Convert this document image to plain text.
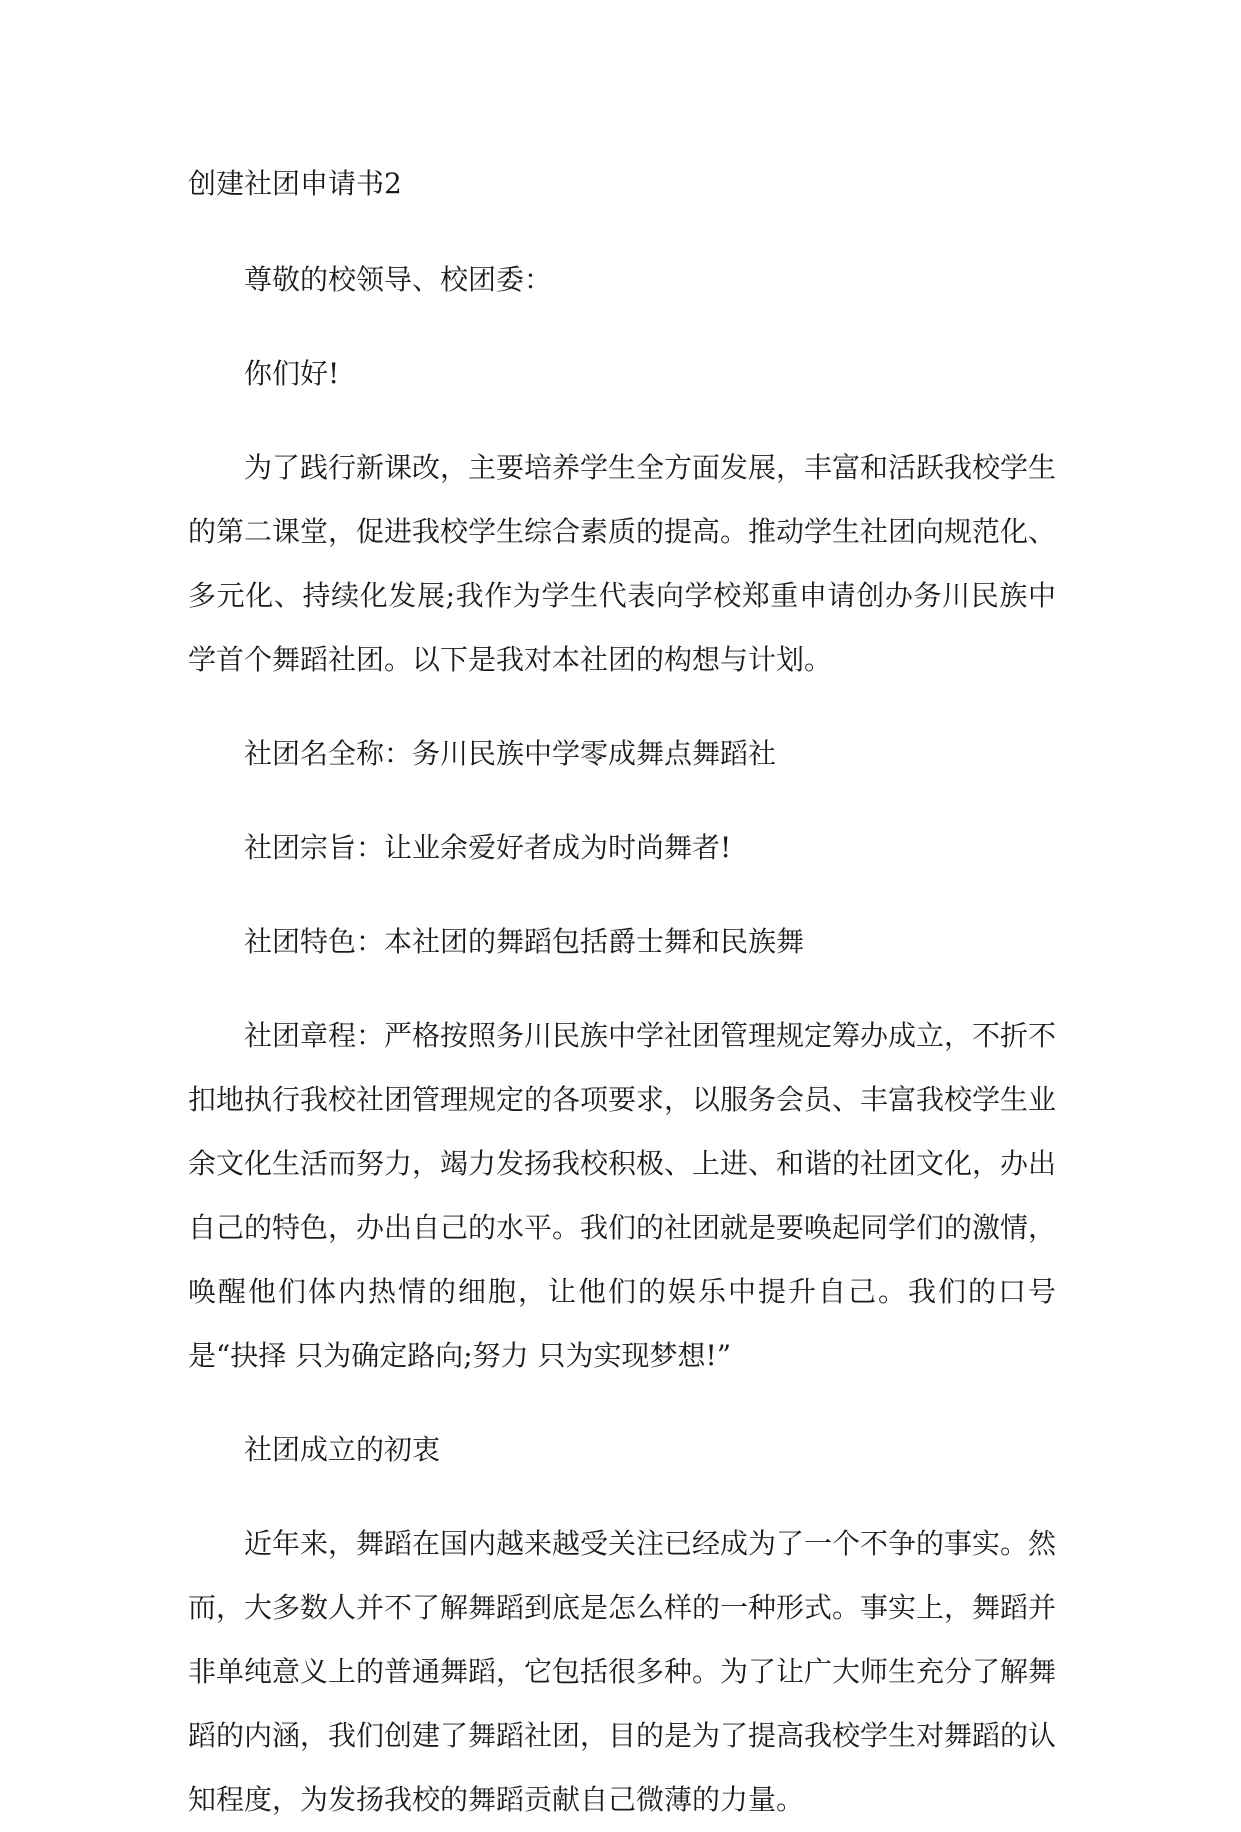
创建社团申请书2

尊敬的校领导、校团委：

你们好!

为了践行新课改，主要培养学生全方面发展，丰富和活跃我校学生的第二课堂，促进我校学生综合素质的提高。推动学生社团向规范化、多元化、持续化发展;我作为学生代表向学校郑重申请创办务川民族中学首个舞蹈社团。以下是我对本社团的构想与计划。

社团名全称：务川民族中学零成舞点舞蹈社

社团宗旨：让业余爱好者成为时尚舞者!

社团特色：本社团的舞蹈包括爵士舞和民族舞

社团章程：严格按照务川民族中学社团管理规定筹办成立，不折不扣地执行我校社团管理规定的各项要求，以服务会员、丰富我校学生业余文化生活而努力，竭力发扬我校积极、上进、和谐的社团文化，办出自己的特色，办出自己的水平。我们的社团就是要唤起同学们的激情，唤醒他们体内热情的细胞，让他们的娱乐中提升自己。我们的口号是“抉择 只为确定路向;努力 只为实现梦想!”

社团成立的初衷

近年来，舞蹈在国内越来越受关注已经成为了一个不争的事实。然而，大多数人并不了解舞蹈到底是怎么样的一种形式。事实上，舞蹈并非单纯意义上的普通舞蹈，它包括很多种。为了让广大师生充分了解舞蹈的内涵，我们创建了舞蹈社团，目的是为了提高我校学生对舞蹈的认知程度，为发扬我校的舞蹈贡献自己微薄的力量。
